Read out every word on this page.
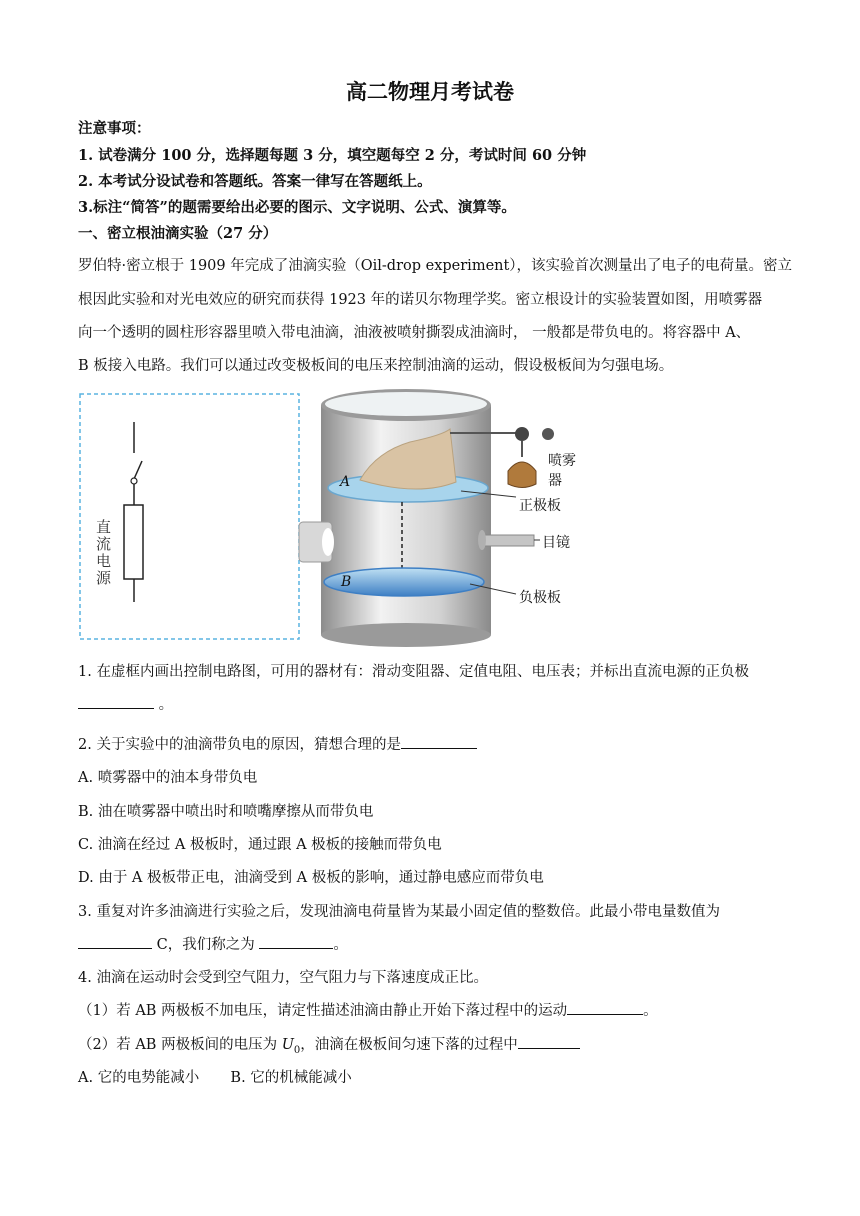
高二物理月考试卷
注意事项：
1. 试卷满分 100 分，选择题每题 3 分，填空题每空 2 分，考试时间 60 分钟
2. 本考试分设试卷和答题纸。答案一律写在答题纸上。
3.标注“简答”的题需要给出必要的图示、文字说明、公式、演算等。
一、密立根油滴实验（27 分）
罗伯特·密立根于 1909 年完成了油滴实验（Oil-drop experiment），该实验首次测量出了电子的电荷量。密立
根因此实验和对光电效应的研究而获得 1923 年的诺贝尔物理学奖。密立根设计的实验装置如图，用喷雾器
向一个透明的圆柱形容器里喷入带电油滴，油液被喷射撕裂成油滴时， 一般都是带负电的。将容器中 A、
B 板接入电路。我们可以通过改变极板间的电压来控制油滴的运动，假设极板间为匀强电场。
直
流
电
源
A
B
喷雾器
正极板
目镜
负极板
1. 在虚框内画出控制电路图，可用的器材有：滑动变阻器、定值电阻、电压表；并标出直流电源的正负极
。
2. 关于实验中的油滴带负电的原因，猜想合理的是
A. 喷雾器中的油本身带负电
B. 油在喷雾器中喷出时和喷嘴摩擦从而带负电
C. 油滴在经过 A 极板时，通过跟 A 极板的接触而带负电
D. 由于 A 极板带正电，油滴受到 A 极板的影响，通过静电感应而带负电
3. 重复对许多油滴进行实验之后，发现油滴电荷量皆为某最小固定值的整数倍。此最小带电量数值为
C，我们称之为	。
4. 油滴在运动时会受到空气阻力，空气阻力与下落速度成正比。
（1）若 AB 两极板不加电压，请定性描述油滴由静止开始下落过程中的运动	。
（2）若 AB 两极板间的电压为 $U_0$，油滴在极板间匀速下落的过程中
A. 它的电势能减小 B. 它的机械能减小
